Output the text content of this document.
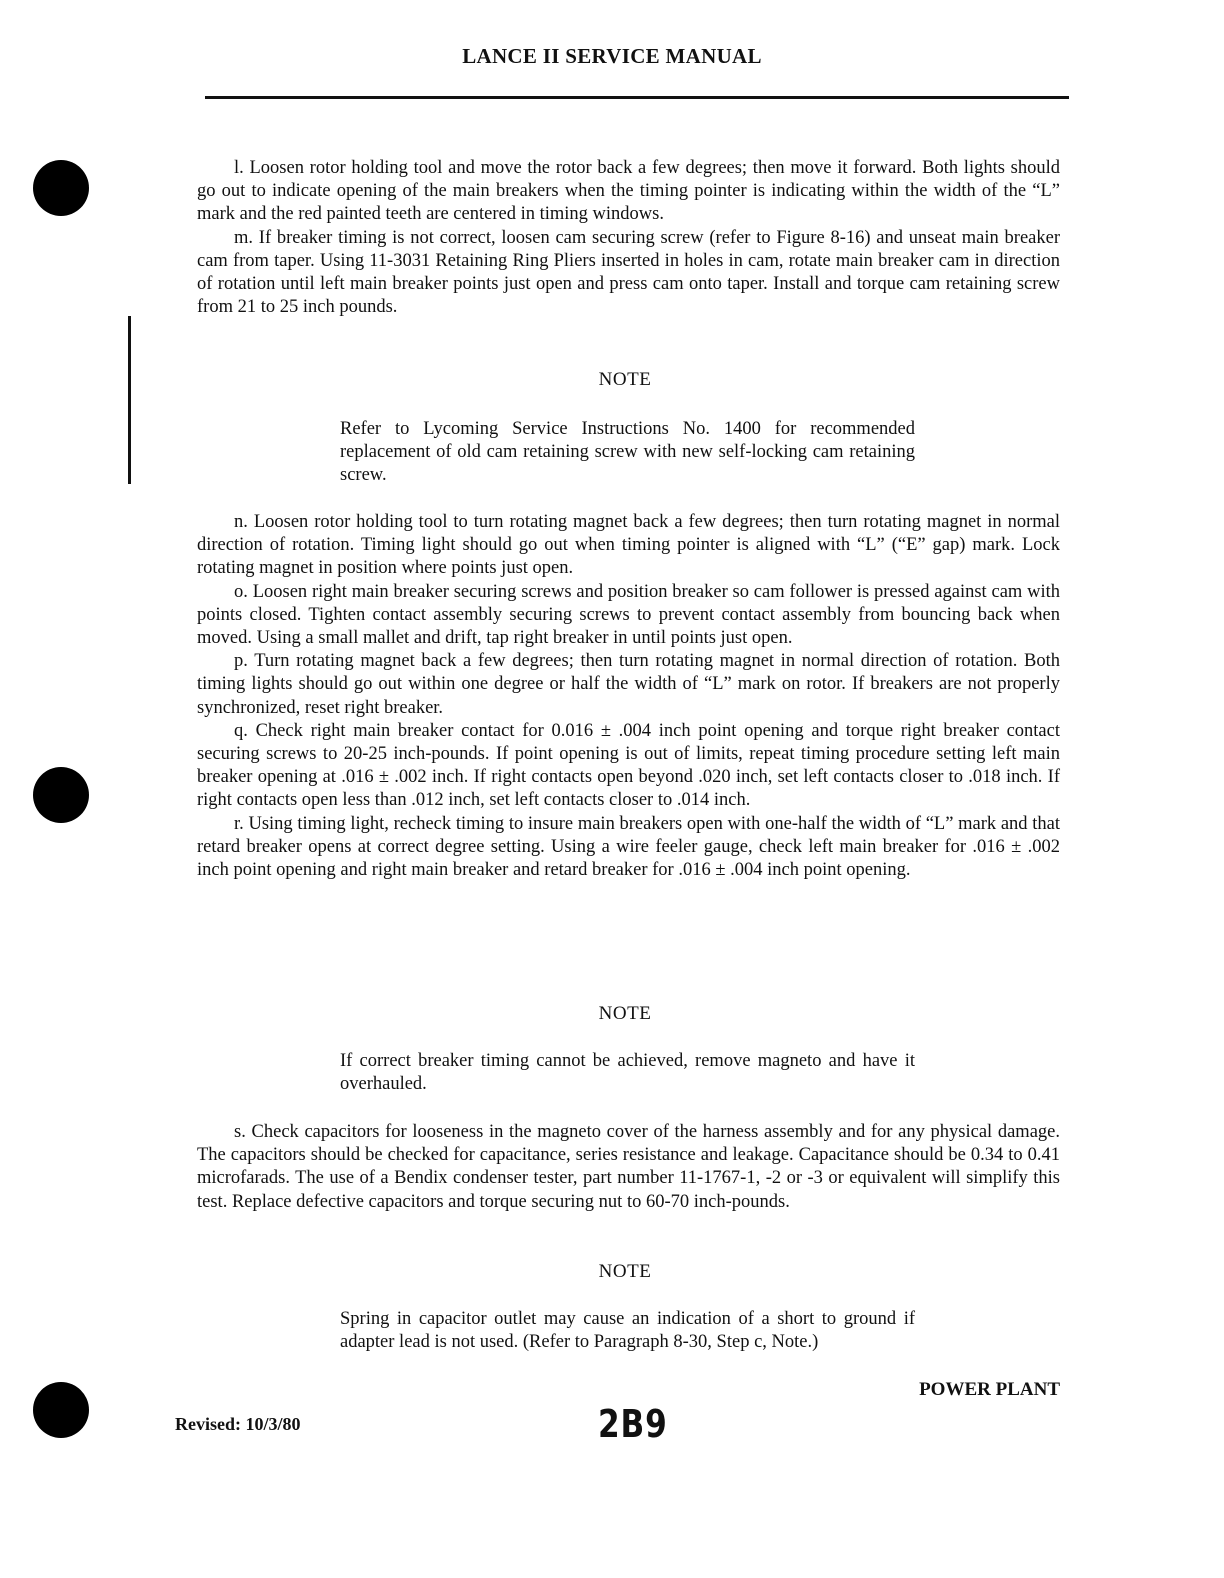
LANCE II SERVICE MANUAL

l. Loosen rotor holding tool and move the rotor back a few degrees; then move it forward. Both lights should go out to indicate opening of the main breakers when the timing pointer is indicating within the width of the “L” mark and the red painted teeth are centered in timing windows.

m. If breaker timing is not correct, loosen cam securing screw (refer to Figure 8-16) and unseat main breaker cam from taper. Using 11-3031 Retaining Ring Pliers inserted in holes in cam, rotate main breaker cam in direction of rotation until left main breaker points just open and press cam onto taper. Install and torque cam retaining screw from 21 to 25 inch pounds.

NOTE
Refer to Lycoming Service Instructions No. 1400 for recommended replacement of old cam retaining screw with new self-locking cam retaining screw.

n. Loosen rotor holding tool to turn rotating magnet back a few degrees; then turn rotating magnet in normal direction of rotation. Timing light should go out when timing pointer is aligned with “L” (“E” gap) mark. Lock rotating magnet in position where points just open.

o. Loosen right main breaker securing screws and position breaker so cam follower is pressed against cam with points closed. Tighten contact assembly securing screws to prevent contact assembly from bouncing back when moved. Using a small mallet and drift, tap right breaker in until points just open.

p. Turn rotating magnet back a few degrees; then turn rotating magnet in normal direction of rotation. Both timing lights should go out within one degree or half the width of “L” mark on rotor. If breakers are not properly synchronized, reset right breaker.

q. Check right main breaker contact for 0.016 ± .004 inch point opening and torque right breaker contact securing screws to 20-25 inch-pounds. If point opening is out of limits, repeat timing procedure setting left main breaker opening at .016 ± .002 inch. If right contacts open beyond .020 inch, set left contacts closer to .018 inch. If right contacts open less than .012 inch, set left contacts closer to .014 inch.

r. Using timing light, recheck timing to insure main breakers open with one-half the width of “L” mark and that retard breaker opens at correct degree setting. Using a wire feeler gauge, check left main breaker for .016 ± .002 inch point opening and right main breaker and retard breaker for .016 ± .004 inch point opening.

NOTE
If correct breaker timing cannot be achieved, remove magneto and have it overhauled.

s. Check capacitors for looseness in the magneto cover of the harness assembly and for any physical damage. The capacitors should be checked for capacitance, series resistance and leakage. Capacitance should be 0.34 to 0.41 microfarads. The use of a Bendix condenser tester, part number 11-1767-1, -2 or -3 or equivalent will simplify this test. Replace defective capacitors and torque securing nut to 60-70 inch-pounds.

NOTE
Spring in capacitor outlet may cause an indication of a short to ground if adapter lead is not used. (Refer to Paragraph 8-30, Step c, Note.)
POWER PLANT
Revised: 10/3/80	2B9
